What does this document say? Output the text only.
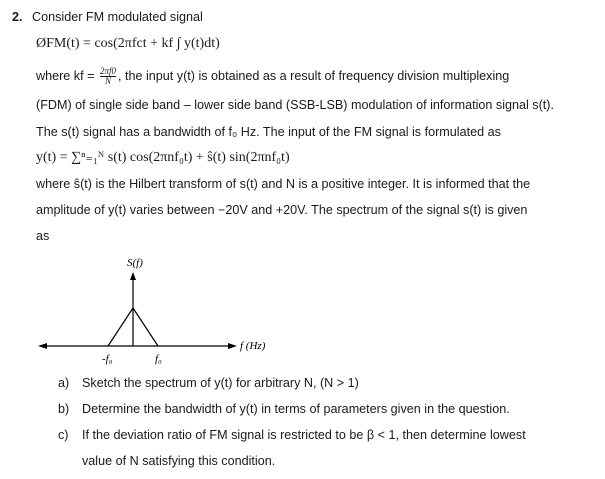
2. Consider FM modulated signal
ØFM(t) = cos(2πfct + kf ∫ y(t)dt)
where kf = $\frac{2\pi f0}{N}$ , the input y(t) is obtained as a result of frequency division multiplexing
(FDM) of single side band – lower side band (SSB-LSB) modulation of information signal s(t).
The s(t) signal has a bandwidth of f₀ Hz. The input of the FM signal is formulated as
y(t) = ∑ⁿ₌₁ᴺ s(t) cos(2πnf₀t) + ŝ(t) sin(2πnf₀t)
where ŝ(t) is the Hilbert transform of s(t) and N is a positive integer. It is informed that the
amplitude of y(t) varies between −20V and +20V. The spectrum of the signal s(t) is given
as
S(f)
f (Hz)
-f₀	f₀
a) Sketch the spectrum of y(t) for arbitrary N, (N > 1)
b) Determine the bandwidth of y(t) in terms of parameters given in the question.
c) If the deviation ratio of FM signal is restricted to be β < 1, then determine lowest
value of N satisfying this condition.
